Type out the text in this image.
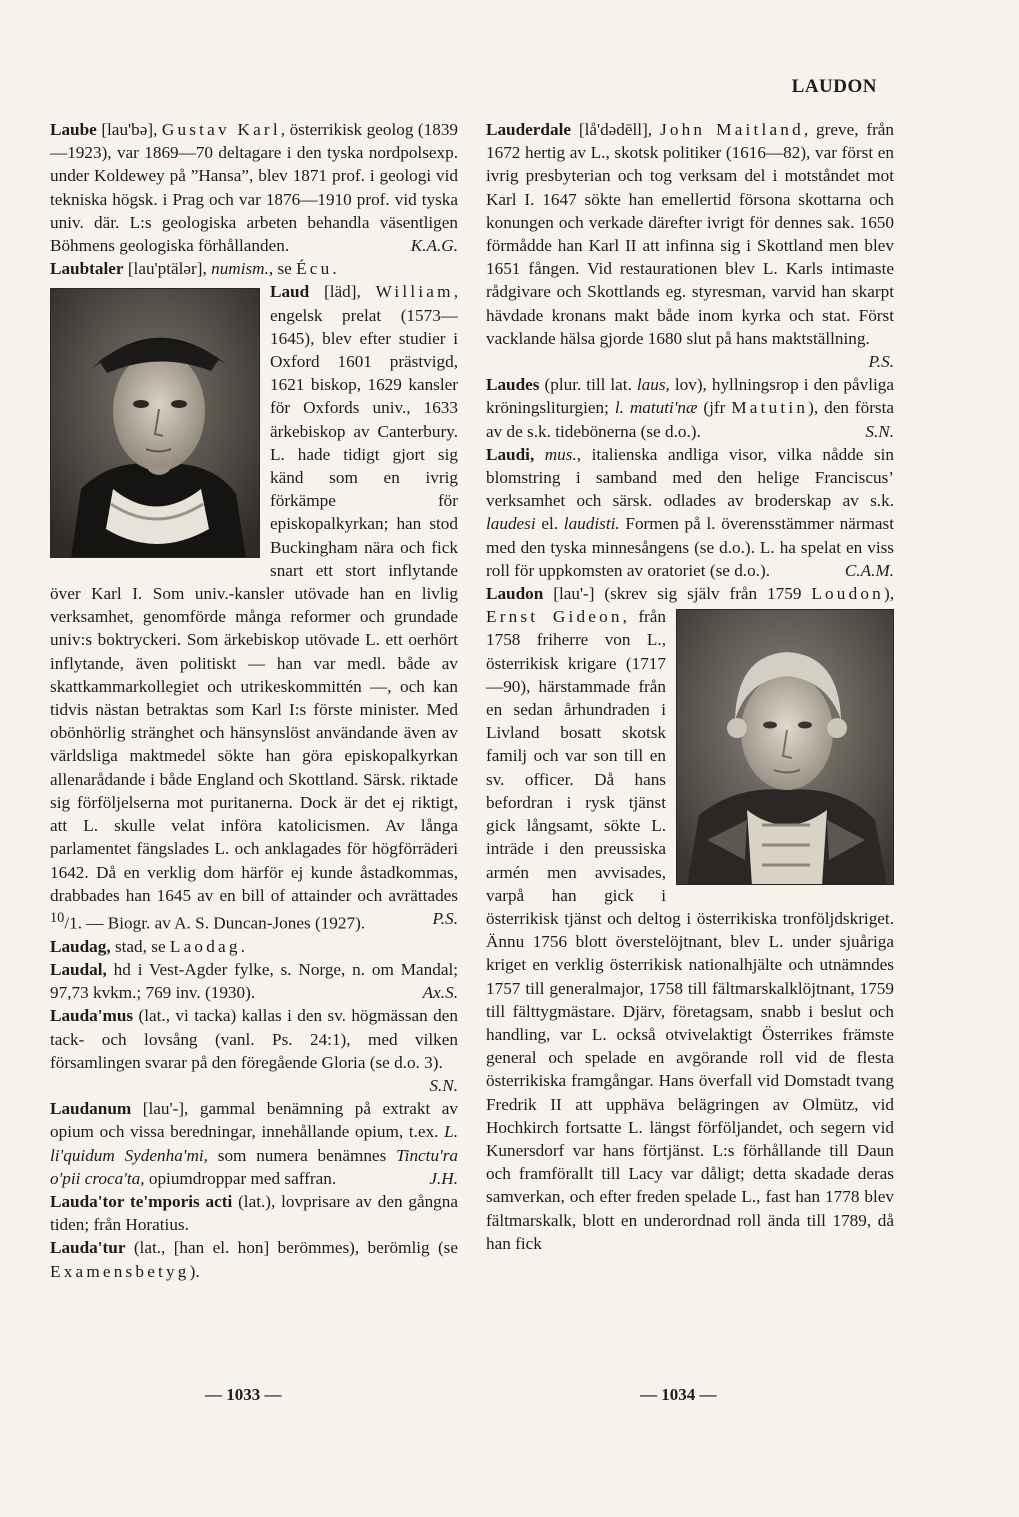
LAUDON

Laube [lau'bə], Gustav Karl, österrikisk geolog (1839—1923), var 1869—70 deltagare i den tyska nordpolsexp. under Koldewey på ”Hansa”, blev 1871 prof. i geologi vid tekniska högsk. i Prag och var 1876—1910 prof. vid tyska univ. där. L:s geologiska arbeten behandla väsentligen Böhmens geologiska förhållanden.	K.A.G.

Laubtaler [lau'ptälər], numism., se Écu.

Laud [läd], William
, engelsk prelat (1573—1645), blev efter studier i Oxford 1601 prästvigd, 1621 biskop, 1629 kansler för Oxfords univ., 1633 ärkebiskop av Canterbury. L. hade tidigt gjort sig känd som en ivrig förkämpe för episkopalkyrkan; han stod Buckingham nära och fick snart ett stort inflytande över Karl I. Som univ.-kansler utövade han en livlig verksamhet, genomförde många reformer och grundade univ:s boktryckeri. Som ärkebiskop utövade L. ett oerhört inflytande, även politiskt — han var medl. både av skattkammarkollegiet och utrikeskommittén —, och kan tidvis nästan betraktas som Karl I:s förste minister. Med obönhörlig stränghet och hänsynslöst användande även av världsliga maktmedel sökte han göra episkopalkyrkan allenarådande i både England och Skottland. Särsk. riktade sig förföljelserna mot puritanerna. Dock är det ej riktigt, att L. skulle velat införa katolicismen. Av långa parlamentet fängslades L. och anklagades för högförräderi 1642. Då en verklig dom härför ej kunde åstadkommas, drabbades han 1645 av en bill of attainder och avrättades $^{10}$/1. — Biogr. av A. S. Duncan-Jones (1927).	P.S.

Laudag, stad, se Laodag.

Laudal, hd i Vest-Agder fylke, s. Norge, n. om Mandal; 97,73 kvkm.; 769 inv. (1930).	Ax.S.

Lauda'mus (lat., vi tacka) kallas i den sv. högmässan den tack- och lovsång (vanl. Ps. 24:1), med vilken församlingen svarar på den föregående Gloria (se d.o. 3).
S.N.

Laudanum [lau'-], gammal benämning på extrakt av opium och vissa beredningar, innehållande opium, t.ex. L. li'quidum Sydenha'mi, som numera benämnes Tinctu'ra o'pii croca'ta, opiumdroppar med saffran.	J.H.

Lauda'tor te'mporis acti (lat.), lovprisare av den gångna tiden; från Horatius.

Lauda'tur (lat., [han el. hon] berömmes), berömlig (se Examensbetyg).

Lauderdale [lå'dədēll], John Maitland, greve, från 1672 hertig av L., skotsk politiker (1616—82), var först en ivrig presbyterian och tog verksam del i motståndet mot Karl I. 1647 sökte han emellertid försona skottarna och konungen och verkade därefter ivrigt för dennes sak. 1650 förmådde han Karl II att infinna sig i Skottland men blev 1651 fången. Vid restaurationen blev L. Karls intimaste rådgivare och Skottlands eg. styresman, varvid han skarpt hävdade kronans makt både inom kyrka och stat. Först vacklande hälsa gjorde 1680 slut på hans maktställning.
P.S.

Laudes (plur. till lat. laus, lov), hyllningsrop i den påvliga kröningsliturgien; l. matuti'næ (jfr Matutin), den första av de s.k. tidebönerna (se d.o.).	S.N.

Laudi, mus., italienska andliga visor, vilka nådde sin blomstring i samband med den helige Franciscus’ verksamhet och särsk. odlades av broderskap av s.k. laudesi el. laudisti. Formen på l. överensstämmer närmast med den tyska minnesångens (se d.o.). L. ha spelat en viss roll för uppkomsten av oratoriet (se d.o.).	C.A.M.

Laudon [lau'-] (skrev sig själv från 1759 Loudon), Ernst Gideon
, från 1758 friherre von L., österrikisk krigare (1717—90), härstammade från en sedan århundraden i Livland bosatt skotsk familj och var son till en sv. officer. Då hans befordran i rysk tjänst gick långsamt, sökte L. inträde i den preussiska armén men avvisades, varpå han gick i österrikisk tjänst och deltog i österrikiska tronföljdskriget. Ännu 1756 blott överstelöjtnant, blev L. under sjuåriga kriget en verklig österrikisk nationalhjälte och utnämndes 1757 till generalmajor, 1758 till fältmarskalklöjtnant, 1759 till fälttygmästare. Djärv, företagsam, snabb i beslut och handling, var L. också otvivelaktigt Österrikes främste general och spelade en avgörande roll vid de flesta österrikiska framgångar. Hans överfall vid Domstadt tvang Fredrik II att upphäva belägringen av Olmütz, vid Hochkirch fortsatte L. längst förföljandet, och segern vid Kunersdorf var hans förtjänst. L:s förhållande till Daun och framförallt till Lacy var dåligt; detta skadade deras samverkan, och efter freden spelade L., fast han 1778 blev fältmarskalk, blott en underordnad roll ända till 1789, då han fick

— 1033 —	— 1034 —
